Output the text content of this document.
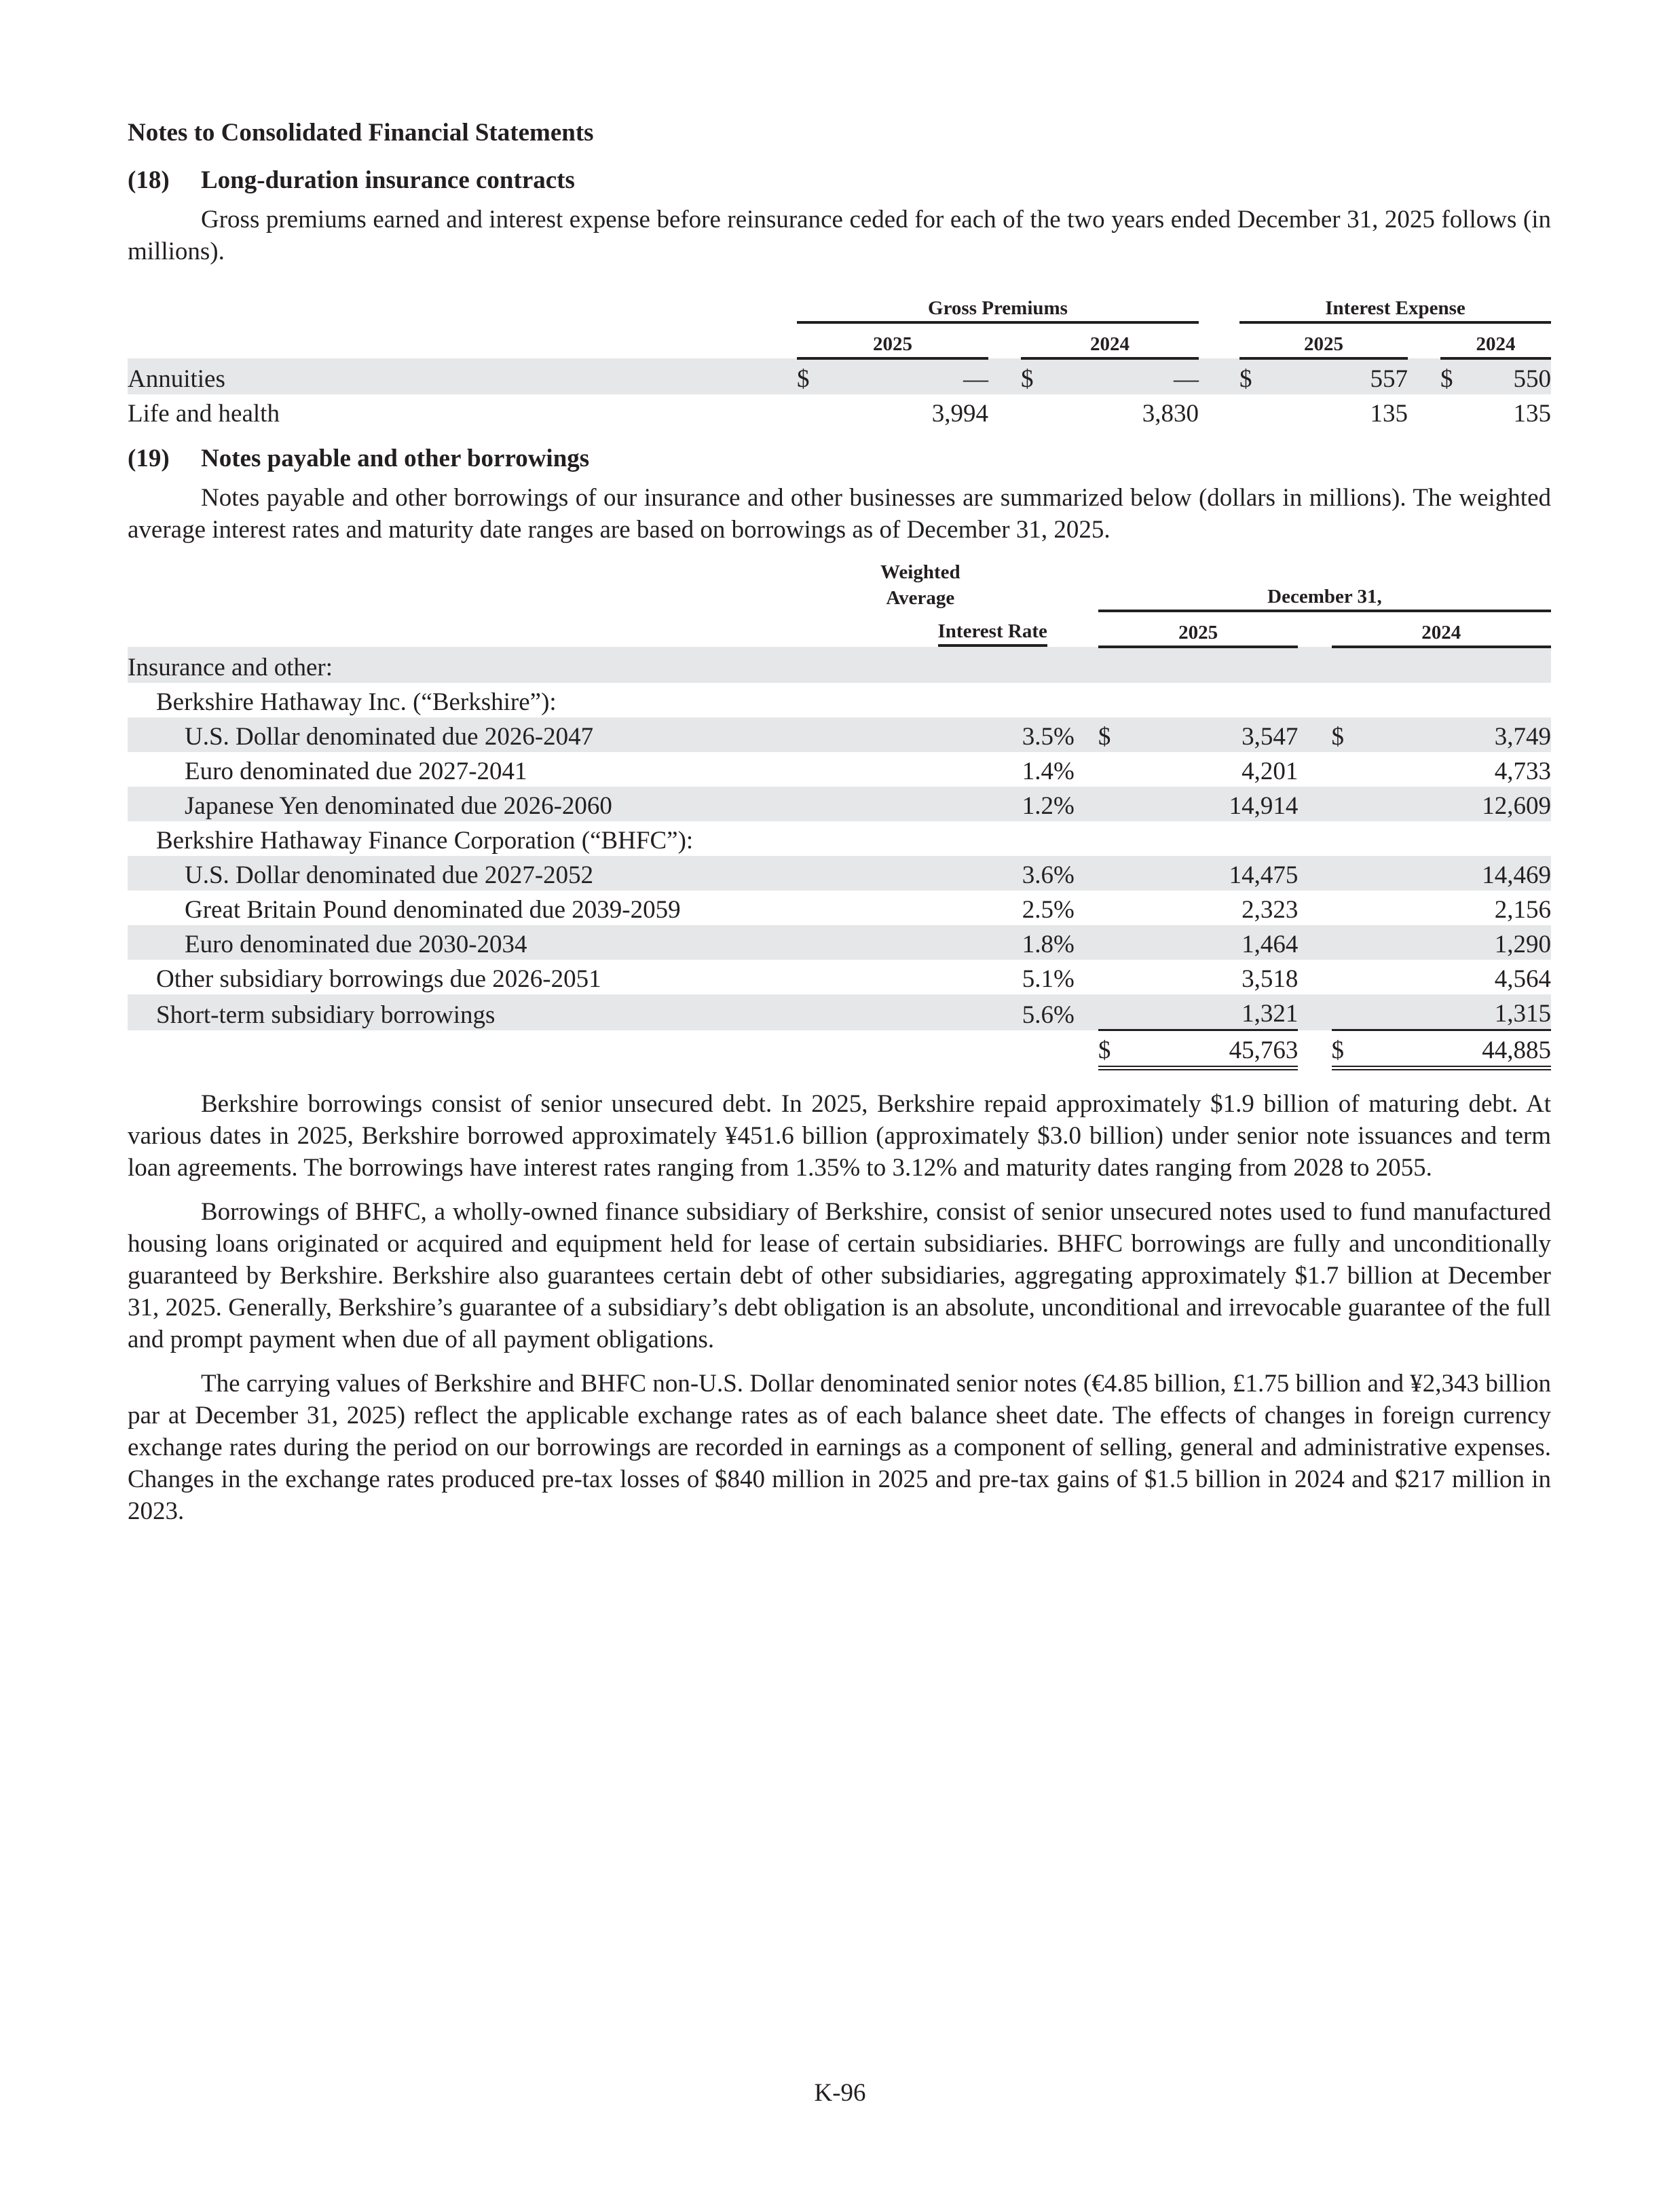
Notes to Consolidated Financial Statements

(18)	Long-duration insurance contracts

Gross premiums earned and interest expense before reinsurance ceded for each of the two years ended December 31, 2025 follows (in millions).

		Gross Premiums						Interest Expense				
		2025			2024			2025			2024	
Annuities		$	—		$	—		$	557		$	550
Life and health			3,994			3,830			135			135
(19)	Notes payable and other borrowings

Notes payable and other borrowings of our insurance and other businesses are summarized below (dollars in millions). The weighted average interest rates and maturity date ranges are based on borrowings as of December 31, 2025.

	Weighted
Average		December 31,				
	Interest Rate		2025			2024	
Insurance and other:							
Berkshire Hathaway Inc. (“Berkshire”):							
U.S. Dollar denominated due 2026-2047	3.5%		$	3,547		$	3,749
Euro denominated due 2027-2041	1.4%			4,201			4,733
Japanese Yen denominated due 2026-2060	1.2%			14,914			12,609
Berkshire Hathaway Finance Corporation (“BHFC”):							
U.S. Dollar denominated due 2027-2052	3.6%			14,475			14,469
Great Britain Pound denominated due 2039-2059	2.5%			2,323			2,156
Euro denominated due 2030-2034	1.8%			1,464			1,290
Other subsidiary borrowings due 2026-2051	5.1%			3,518			4,564
Short-term subsidiary borrowings	5.6%			1,321			1,315
			$	45,763		$	44,885

Berkshire borrowings consist of senior unsecured debt. In 2025, Berkshire repaid approximately $1.9 billion of maturing debt. At various dates in 2025, Berkshire borrowed approximately ¥451.6 billion (approximately $3.0 billion) under senior note issuances and term loan agreements. The borrowings have interest rates ranging from 1.35% to 3.12% and maturity dates ranging from 2028 to 2055.

Borrowings of BHFC, a wholly-owned finance subsidiary of Berkshire, consist of senior unsecured notes used to fund manufactured housing loans originated or acquired and equipment held for lease of certain subsidiaries. BHFC borrowings are fully and unconditionally guaranteed by Berkshire. Berkshire also guarantees certain debt of other subsidiaries, aggregating approximately $1.7 billion at December 31, 2025. Generally, Berkshire’s guarantee of a subsidiary’s debt obligation is an absolute, unconditional and irrevocable guarantee of the full and prompt payment when due of all payment obligations.

The carrying values of Berkshire and BHFC non-U.S. Dollar denominated senior notes (€4.85 billion, £1.75 billion and ¥2,343 billion par at December 31, 2025) reflect the applicable exchange rates as of each balance sheet date. The effects of changes in foreign currency exchange rates during the period on our borrowings are recorded in earnings as a component of selling, general and administrative expenses. Changes in the exchange rates produced pre-tax losses of $840 million in 2025 and pre-tax gains of $1.5 billion in 2024 and $217 million in 2023.

K-96
